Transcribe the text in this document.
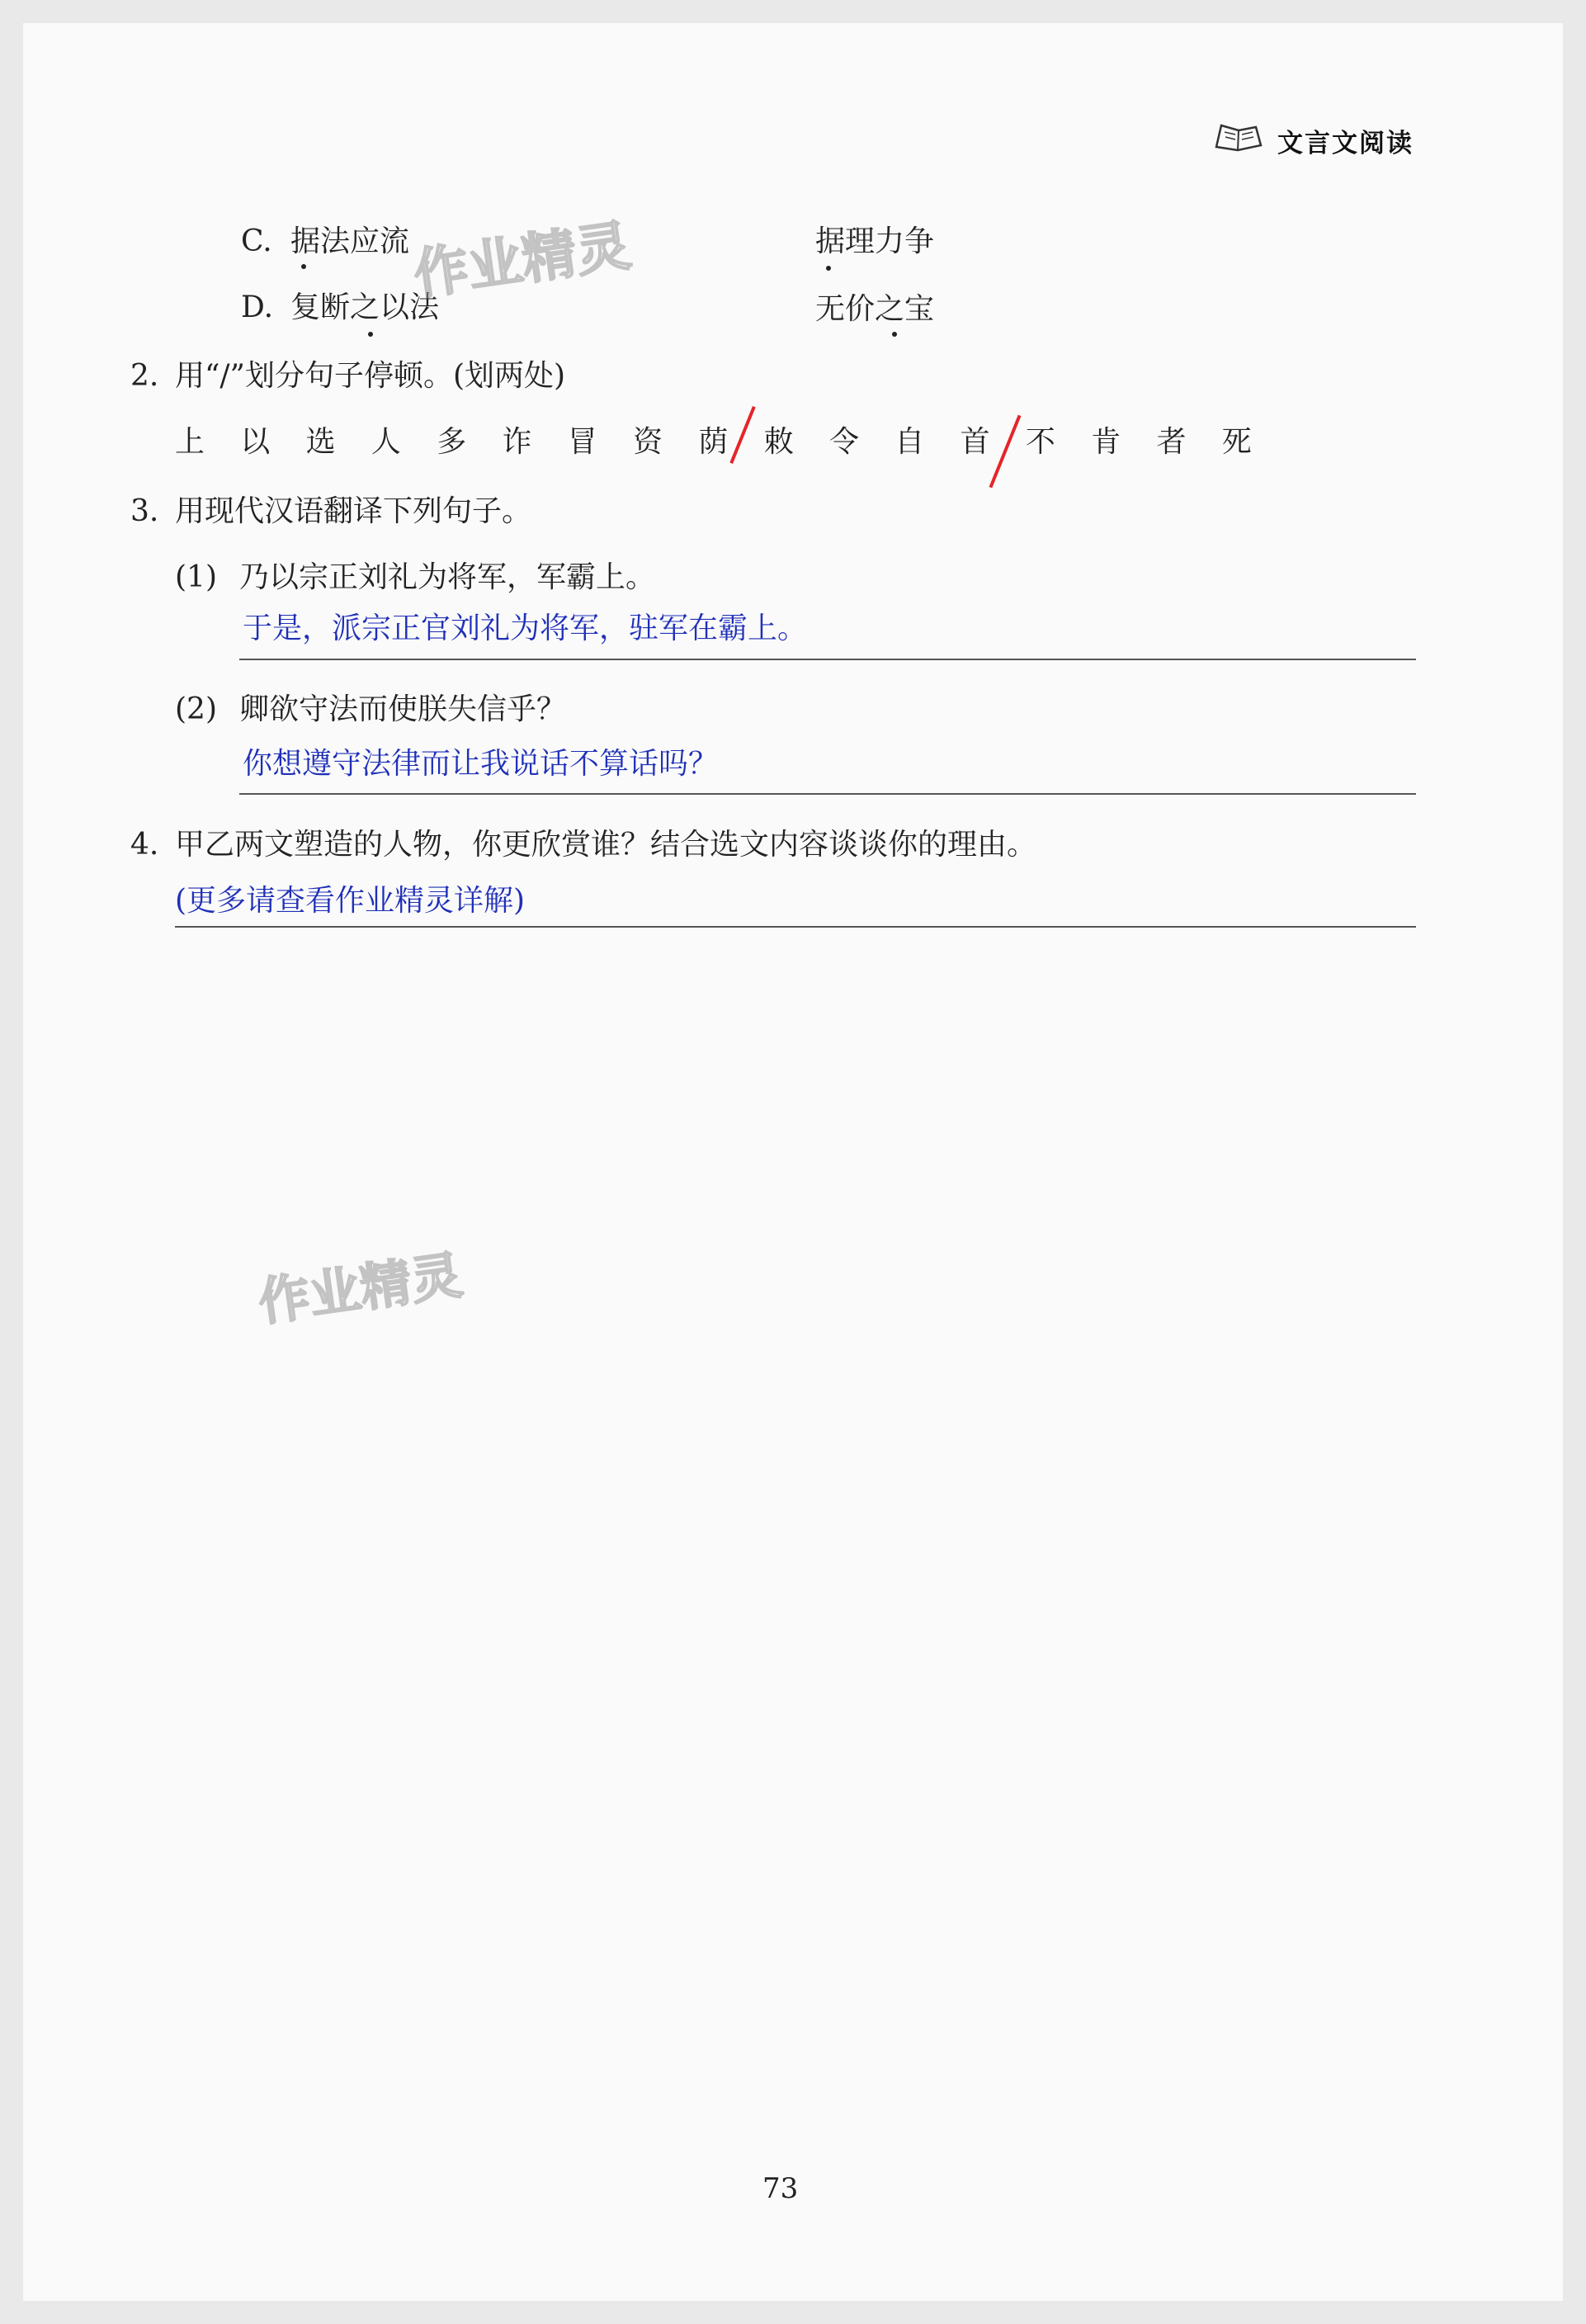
文言文阅读
C. 据法应流	据理力争
D. 复断之以法	无价之宝
作业精灵
2. 用“/”划分句子停顿。(划两处)
上 以 选 人 多 诈 冒 资 荫 敕 令 自 首 不 肯 者 死
3. 用现代汉语翻译下列句子。
(1) 乃以宗正刘礼为将军，军霸上。
于是，派宗正官刘礼为将军，驻军在霸上。
(2) 卿欲守法而使朕失信乎？
你想遵守法律而让我说话不算话吗？
4. 甲乙两文塑造的人物，你更欣赏谁？结合选文内容谈谈你的理由。
(更多请查看作业精灵详解)
作业精灵
73
